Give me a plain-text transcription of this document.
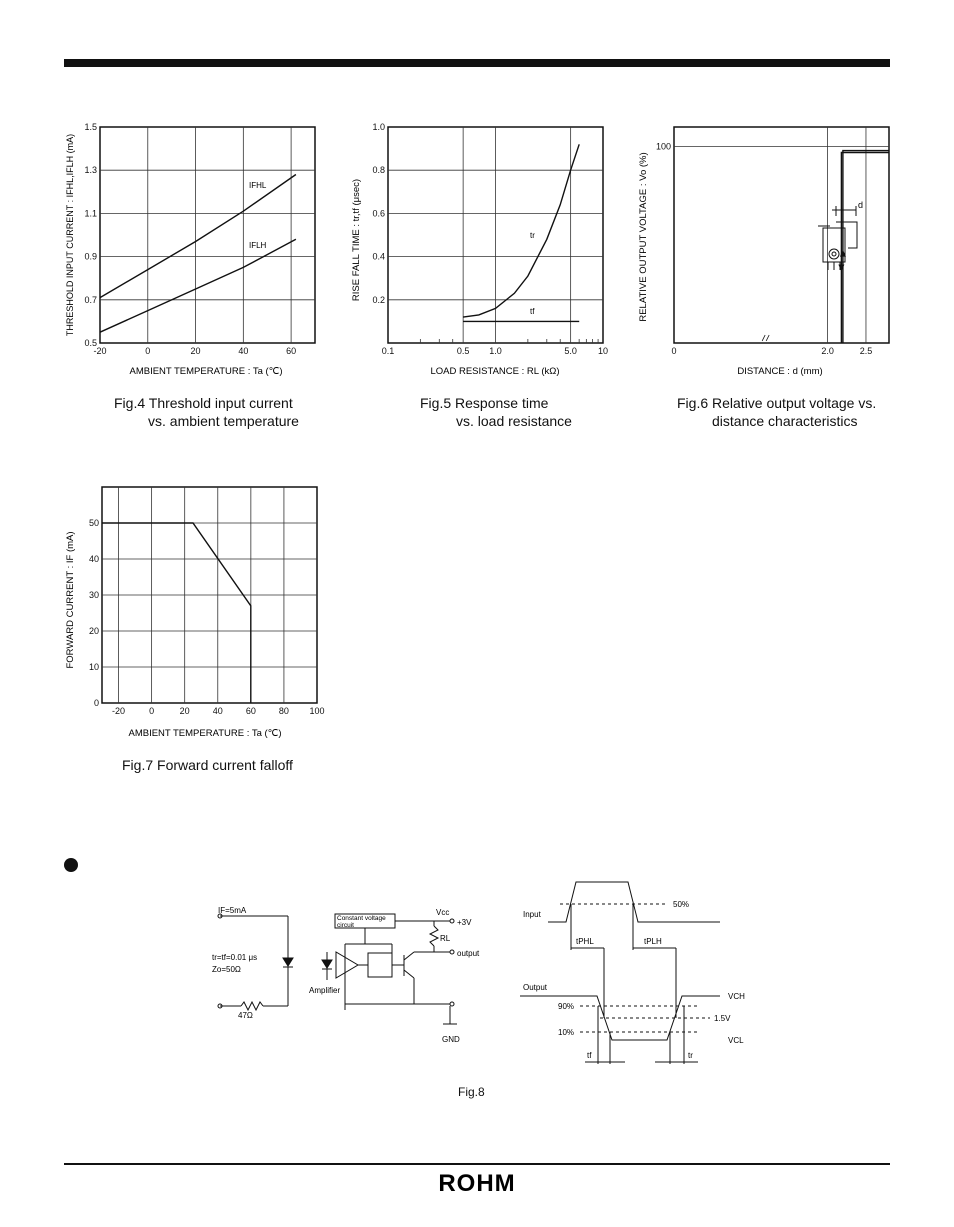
-20	0	20	40	60
0.5
0.7
0.9
1.1
1.3
1.5
THRESHOLD INPUT CURRENT : IFHL,IFLH (mA)
AMBIENT TEMPERATURE : Ta (℃)
IFHL
IFLH
0.1	0.5 1.0	5.0 10
0.2
0.4
0.6
0.8
1.0
RISE FALL TIME : tr,tf (μsec)
LOAD RESISTANCE : RL (kΩ)
tr
tf
0	2.0	2.5
100
RELATIVE OUTPUT VOLTAGE : Vo (%)
DISTANCE : d (mm)
d
-20	0	20	40	60	80 100
0
10
20
30
40
50
FORWARD CURRENT : IF (mA)
AMBIENT TEMPERATURE : Ta (℃)
IF=5mA
tr=tf=0.01 μs
Zo=50Ω
47Ω
Constant voltage
circuit
Vcc
+3V
RL
output
Amplifier
GND
Input
50%
tPHL	tPLH
Output
90%
10%
1.5V
VCH
VCL
tf	tr
Fig.4 Threshold input current
vs. ambient temperature
Fig.5 Response time
vs. load resistance
Fig.6 Relative output voltage vs.
distance characteristics
Fig.7 Forward current falloff
Fig.8
ROHM
